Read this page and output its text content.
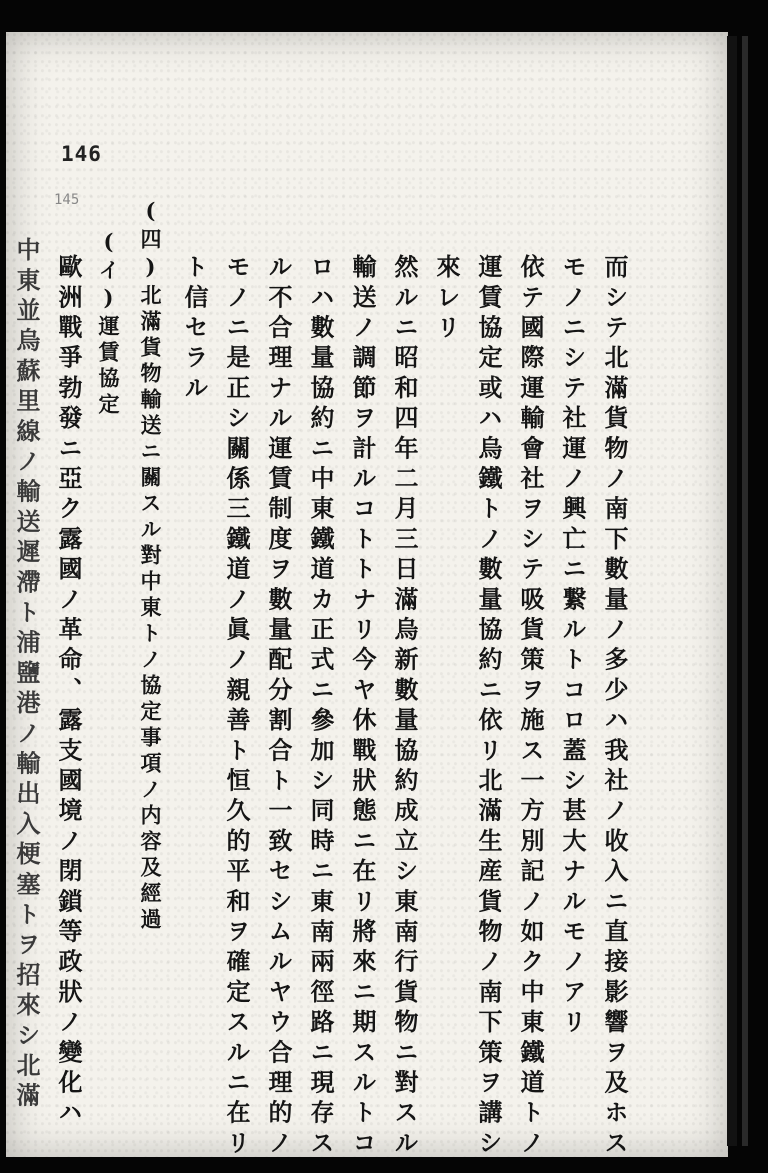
146
145
而シテ北滿貨物ノ南下數量ノ多少ハ我社ノ收入ニ直接影響ヲ及ホス
モノニシテ社運ノ興亡ニ繋ルトコロ蓋シ甚大ナルモノアリ
依テ國際運輸會社ヲシテ吸貨策ヲ施ス一方別記ノ如ク中東鐵道トノ
運賃協定或ハ烏鐵トノ數量協約ニ依リ北滿生産貨物ノ南下策ヲ講シ
來レリ
然ルニ昭和四年二月三日滿烏新數量協約成立シ東南行貨物ニ對スル
輸送ノ調節ヲ計ルコトトナリ今ヤ休戰狀態ニ在リ將來ニ期スルトコ
ロハ數量協約ニ中東鐵道カ正式ニ參加シ同時ニ東南兩徑路ニ現存ス
ル不合理ナル運賃制度ヲ數量配分割合ト一致セシムルヤウ合理的ノ
モノニ是正シ關係三鐵道ノ眞ノ親善ト恒久的平和ヲ確定スルニ在リ
ト信セラル
(四)北滿貨物輸送ニ關スル對中東トノ協定事項ノ内容及經過
(イ)運賃協定
歐洲戰爭勃發ニ亞ク露國ノ革命、露支國境ノ閉鎖等政狀ノ變化ハ
中東並烏蘇里線ノ輸送遲滯ト浦鹽港ノ輸出入梗塞トヲ招來シ北滿
